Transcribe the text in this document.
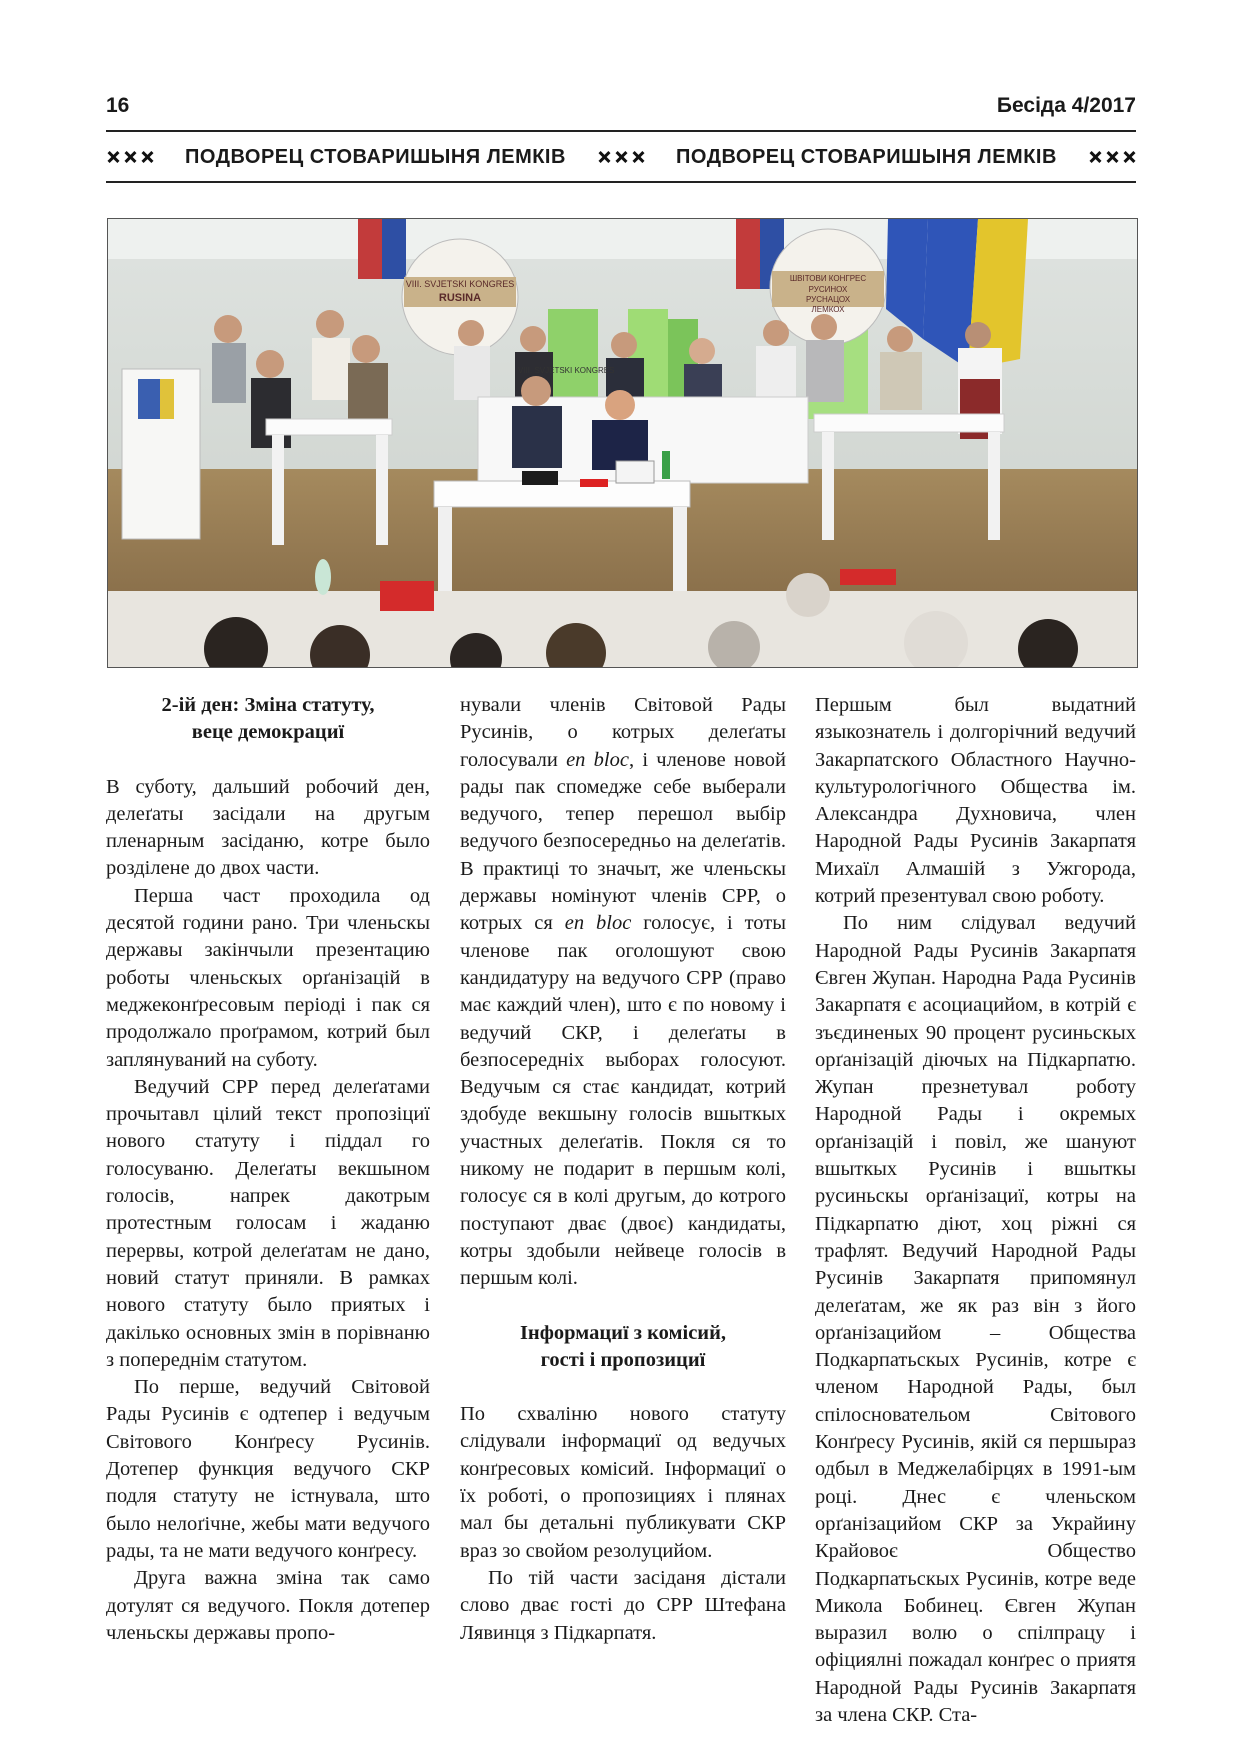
16	Бесіда 4/2017
ПОДВОРЕЦ СТОВАРИШЫНЯ ЛЕМКІВ	ПОДВОРЕЦ СТОВАРИШЫНЯ ЛЕМКІВ
VIII. SVJETSKI KONGRES
RUSINA
ШВІТОВИ КОНГРЕС
РУСИНОХ
РУСНАЦОХ
ЛЕМКОХ
VIII. SVJETSKI KONGRES

2-ій ден: Зміна статуту,
веце демокрациї

В суботу, дальший робочий ден, делеґаты засідали на другым пленарным засіданю, котре было розділене до двох части.

Перша част проходила од десятой години рано. Три членьскы державы закінчыли презентацию роботы членьскых орґанізацій в меджеконґресовым періоді і пак ся продолжало проґрамом, котрий был заплянуваний на суботу.

Ведучий СРР перед делеґатами прочытавл цілий текст пропозіциї нового статуту і піддал го голосуваню. Делеґаты векшыном голосів, напрек дакотрым протестным голосам і жаданю перервы, котрой делеґатам не дано, новий статут приняли. В рамках нового статуту было приятых і дакілько основных змін в порівнаню з попереднім статутом.

По перше, ведучий Світовой Рады Русинів є одтепер і ведучым Світового Конґресу Русинів. Дотепер функция ведучого СКР подля статуту не істнувала, што было нелоґічне, жебы мати ведучого рады, та не мати ведучого конґресу.

Друга важна зміна так само дотулят ся ведучого. Покля дотепер членьскы державы пропо-

нували членів Світовой Рады Русинів, о котрых делеґаты голосували en bloc, і членове новой рады пак спомедже себе выберали ведучого, тепер перешол выбір ведучого безпосередньо на делеґатів. В практиці то значыт, же членьскы державы номінуют членів СРР, о котрых ся en bloc голосує, і тоты членове пак оголошуют свою кандидатуру на ведучого СРР (право має каждий член), што є по новому і ведучий СКР, і делеґаты в безпосередніх выборах голосуют. Ведучым ся стає кандидат, котрий здобуде векшыну голосів вшыткых участных делеґатів. Покля ся то никому не подарит в першым колі, голосує ся в колі другым, до котрого поступают дває (двоє) кандидаты, котры здобыли нейвеце голосів в першым колі.

Інформациї з комісий,
гості і пропозициї

По схваліню нового статуту слідували інформациї од ведучых конґресовых комісий. Інформациї о їх роботі, о пропозициях і плянах мал бы детальні публикувати СКР враз зо свойом резолуцийом.

По тій части засіданя дістали слово дває гості до СРР Штефана Лявинця з Підкарпатя.

Першым был выдатний языкознатель і долгорічний ведучий Закарпатского Областного Научно-культурологічного Общества ім. Александра Духновича, член Народной Рады Русинів Закарпатя Михаїл Алмашій з Ужгорода, котрий презентувал свою роботу.

По ним слідувал ведучий Народной Рады Русинів Закарпатя Євген Жупан. Народна Рада Русинів Закарпатя є асоциацийом, в котрій є зъєдиненых 90 процент русиньскых орґанізацій діючых на Підкарпатю. Жупан презнетувал роботу Народной Рады і окремых орґанізацій і повіл, же шануют вшыткых Русинів і вшыткы русиньскы орґанізациї, котры на Підкарпатю діют, хоц ріжні ся трафлят. Ведучий Народной Рады Русинів Закарпатя припомянул делеґатам, же як раз він з його орґанізацийом – Общества Подкарпатьскых Русинів, котре є членом Народной Рады, был спілосновательом Світового Конґресу Русинів, якій ся першыраз одбыл в Меджелабірцях в 1991-ым році. Днес є членьском орґанізацийом СКР за Украйину Крайовоє Общество Подкарпатьскых Русинів, котре веде Микола Бобинец. Євген Жупан выразил волю о спілпрацу і офіциялні пожадал конґрес о приятя Народной Рады Русинів Закарпатя за члена СКР. Ста-
